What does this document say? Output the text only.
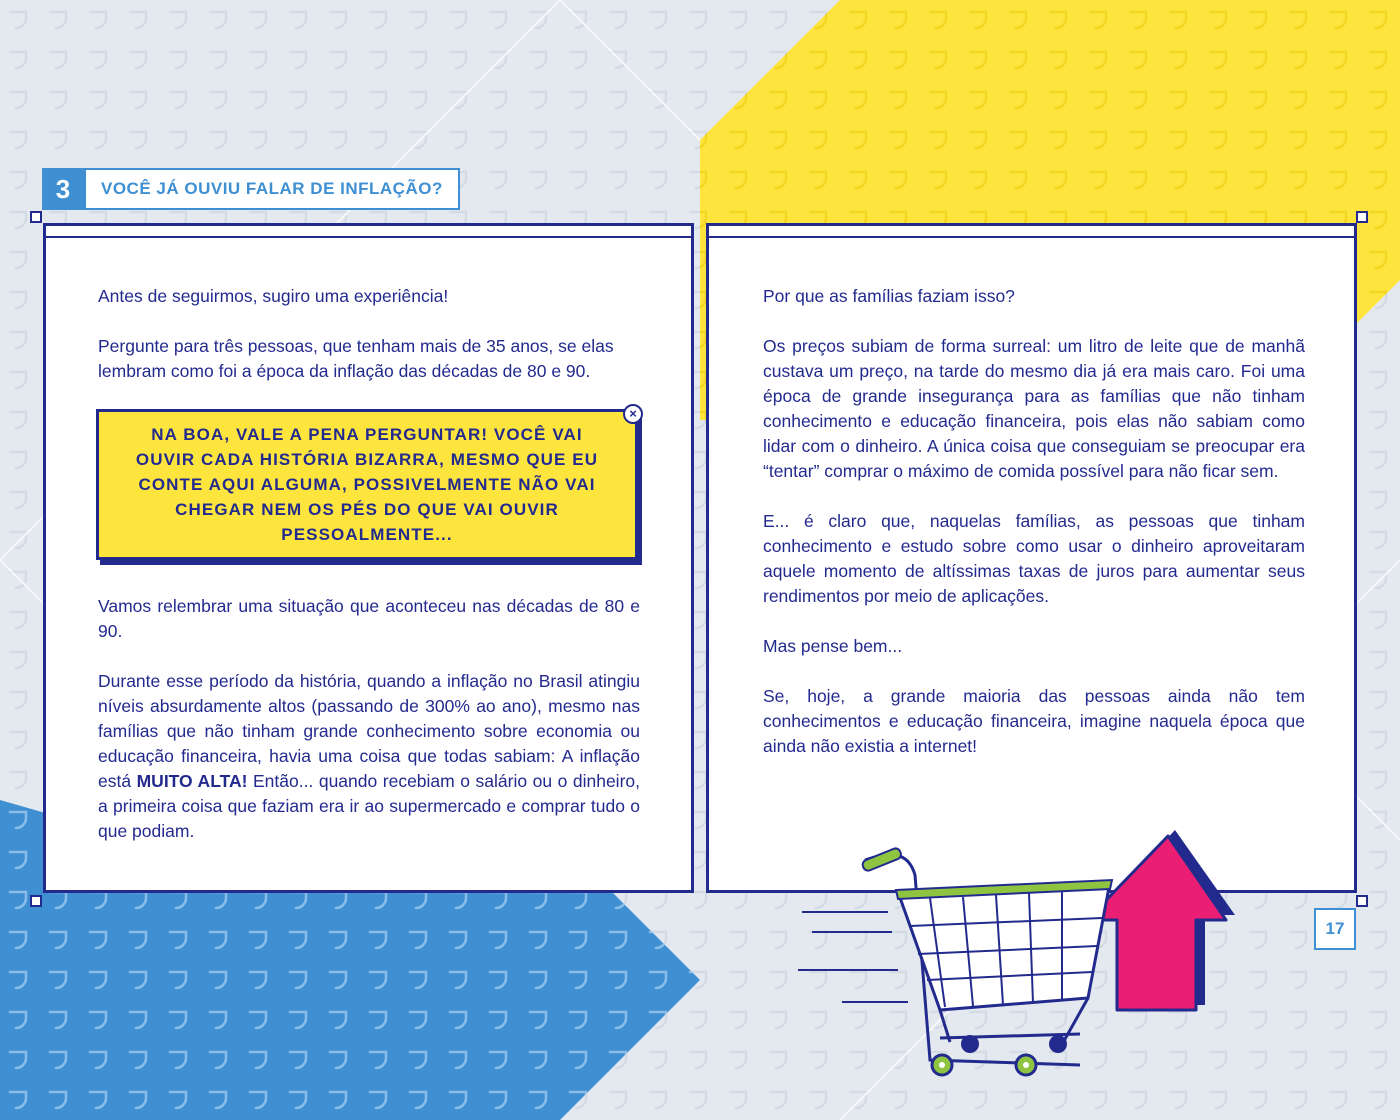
3	VOCÊ JÁ OUVIU FALAR DE INFLAÇÃO?

Antes de seguirmos, sugiro uma experiência!

Pergunte para três pessoas, que tenham mais de 35 anos, se elas lembram como foi a época da inflação das décadas de 80 e 90.

NA BOA, VALE A PENA PERGUNTAR! VOCÊ VAI OUVIR CADA HISTÓRIA BIZARRA, MESMO QUE EU CONTE AQUI ALGUMA, POSSIVELMENTE NÃO VAI CHEGAR NEM OS PÉS DO QUE VAI OUVIR PESSOALMENTE...
×

Vamos relembrar uma situação que aconteceu nas décadas de 80 e 90.

Durante esse período da história, quando a inflação no Brasil atingiu níveis absurdamente altos (passando de 300% ao ano), mesmo nas famílias que não tinham grande conhecimento sobre economia ou educação financeira, havia uma coisa que todas sabiam: A inflação está MUITO ALTA! Então... quando recebiam o salário ou o dinheiro, a primeira coisa que faziam era ir ao supermercado e comprar tudo o que podiam.

Por que as famílias faziam isso?

Os preços subiam de forma surreal: um litro de leite que de manhã custava um preço, na tarde do mesmo dia já era mais caro. Foi uma época de grande insegurança para as famílias que não tinham conhecimento e educação financeira, pois elas não sabiam como lidar com o dinheiro. A única coisa que conseguiam se preocupar era “tentar” comprar o máximo de comida possível para não ficar sem.

E... é claro que, naquelas famílias, as pessoas que tinham conhecimento e estudo sobre como usar o dinheiro aproveitaram aquele momento de altíssimas taxas de juros para aumentar seus rendimentos por meio de aplicações.

Mas pense bem...

Se, hoje, a grande maioria das pessoas ainda não tem conhecimentos e educação financeira, imagine naquela época que ainda não existia a internet!

17
